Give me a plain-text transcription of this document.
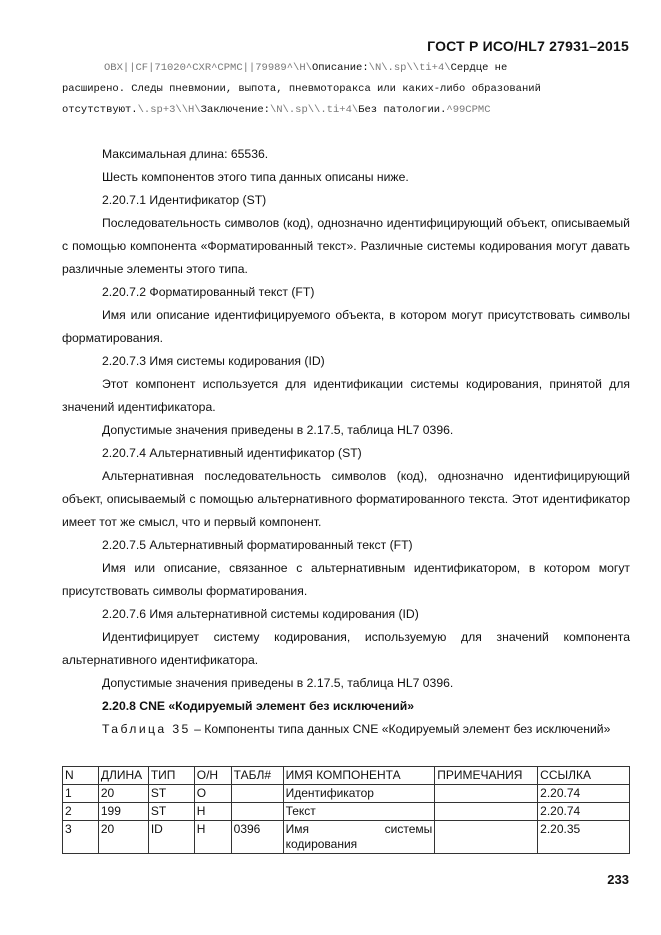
ГОСТ Р ИСО/HL7 27931–2015
OBX||CF|71020^CXR^CPMC||79989^\H\Описание:\N\.sp\\ti+4\Сердце не
расширено. Следы пневмонии, выпота, пневмоторакса или каких-либо образований
отсутствуют.\.sp+3\\H\Заключение:\N\.sp\\.ti+4\Без патологии.^99CPMC

Максимальная длина: 65536.

Шесть компонентов этого типа данных описаны ниже.

2.20.7.1 Идентификатор (ST)

Последовательность символов (код), однозначно идентифицирующий объект, описываемый с помощью компонента «Форматированный текст». Различные системы кодирования могут давать различные элементы этого типа.

2.20.7.2 Форматированный текст (FT)

Имя или описание идентифицируемого объекта, в котором могут присутствовать символы форматирования.

2.20.7.3 Имя системы кодирования (ID)

Этот компонент используется для идентификации системы кодирования, принятой для значений идентификатора.

Допустимые значения приведены в 2.17.5, таблица HL7 0396.

2.20.7.4 Альтернативный идентификатор (ST)

Альтернативная последовательность символов (код), однозначно идентифицирующий объект, описываемый с помощью альтернативного форматированного текста. Этот идентификатор имеет тот же смысл, что и первый компонент.

2.20.7.5 Альтернативный форматированный текст (FT)

Имя или описание, связанное с альтернативным идентификатором, в котором могут присутствовать символы форматирования.

2.20.7.6 Имя альтернативной системы кодирования (ID)

Идентифицирует систему кодирования, используемую для значений компонента альтернативного идентификатора.

Допустимые значения приведены в 2.17.5, таблица HL7 0396.

2.20.8 CNE «Кодируемый элемент без исключений»

Таблица 35 – Компоненты типа данных CNE «Кодируемый элемент без исключений»

N	ДЛИНА	ТИП	О/Н	ТАБЛ#	ИМЯ КОМПОНЕНТА	ПРИМЕЧАНИЯ	ССЫЛКА
1	20	ST	О		Идентификатор		2.20.74
2	199	ST	Н		Текст		2.20.74
3	20	ID	Н	0396	Имя системы кодирования		2.20.35
233
